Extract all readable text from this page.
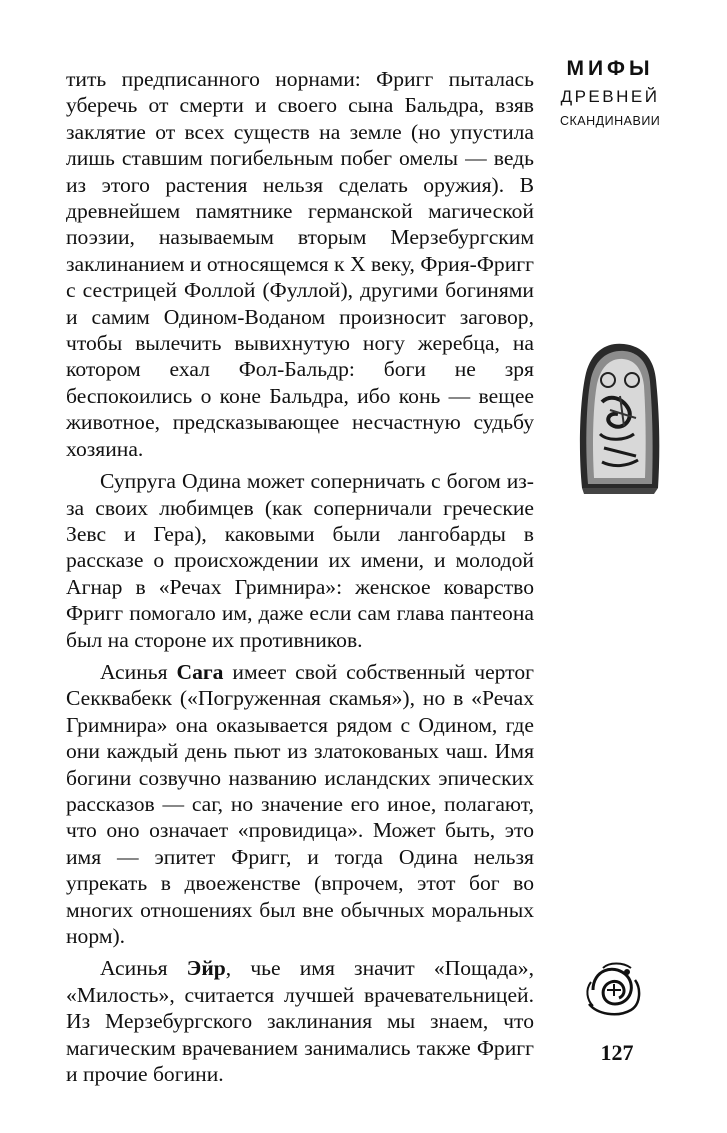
тить предписанного норнами: Фригг пыталась уберечь от смерти и своего сына Бальдра, взяв заклятие от всех существ на земле (но упустила лишь ставшим погибельным побег омелы — ведь из этого растения нельзя сделать оружия). В древнейшем памятнике германской магической поэзии, называемым вторым Мерзебургским заклинанием и относящемся к X веку, Фрия-Фригг с сестрицей Фоллой (Фуллой), другими богинями и самим Одином-Воданом произносит заговор, чтобы вылечить вывихнутую ногу жеребца, на котором ехал Фол-Бальдр: боги не зря беспокоились о коне Бальдра, ибо конь — вещее животное, предсказывающее несчастную судьбу хозяина.

Супруга Одина может соперничать с богом из-за своих любимцев (как соперничали греческие Зевс и Гера), каковыми были лангобарды в рассказе о происхождении их имени, и молодой Агнар в «Речах Гримнира»: женское коварство Фригг помогало им, даже если сам глава пантеона был на стороне их противников.

Асинья Сага имеет свой собственный чертог Секквабекк («Погруженная скамья»), но в «Речах Гримнира» она оказывается рядом с Одином, где они каждый день пьют из златокованых чаш. Имя богини созвучно названию исландских эпических рассказов — саг, но значение его иное, полагают, что оно означает «провидица». Может быть, это имя — эпитет Фригг, и тогда Одина нельзя упрекать в двоеженстве (впрочем, этот бог во многих отношениях был вне обычных моральных норм).

Асинья Эйр, чье имя значит «Пощада», «Милость», считается лучшей врачевательницей. Из Мерзебургского заклинания мы знаем, что магическим врачеванием занимались также Фригг и прочие богини.

МИФЫ
ДРЕВНЕЙ
СКАНДИНАВИИ
127
